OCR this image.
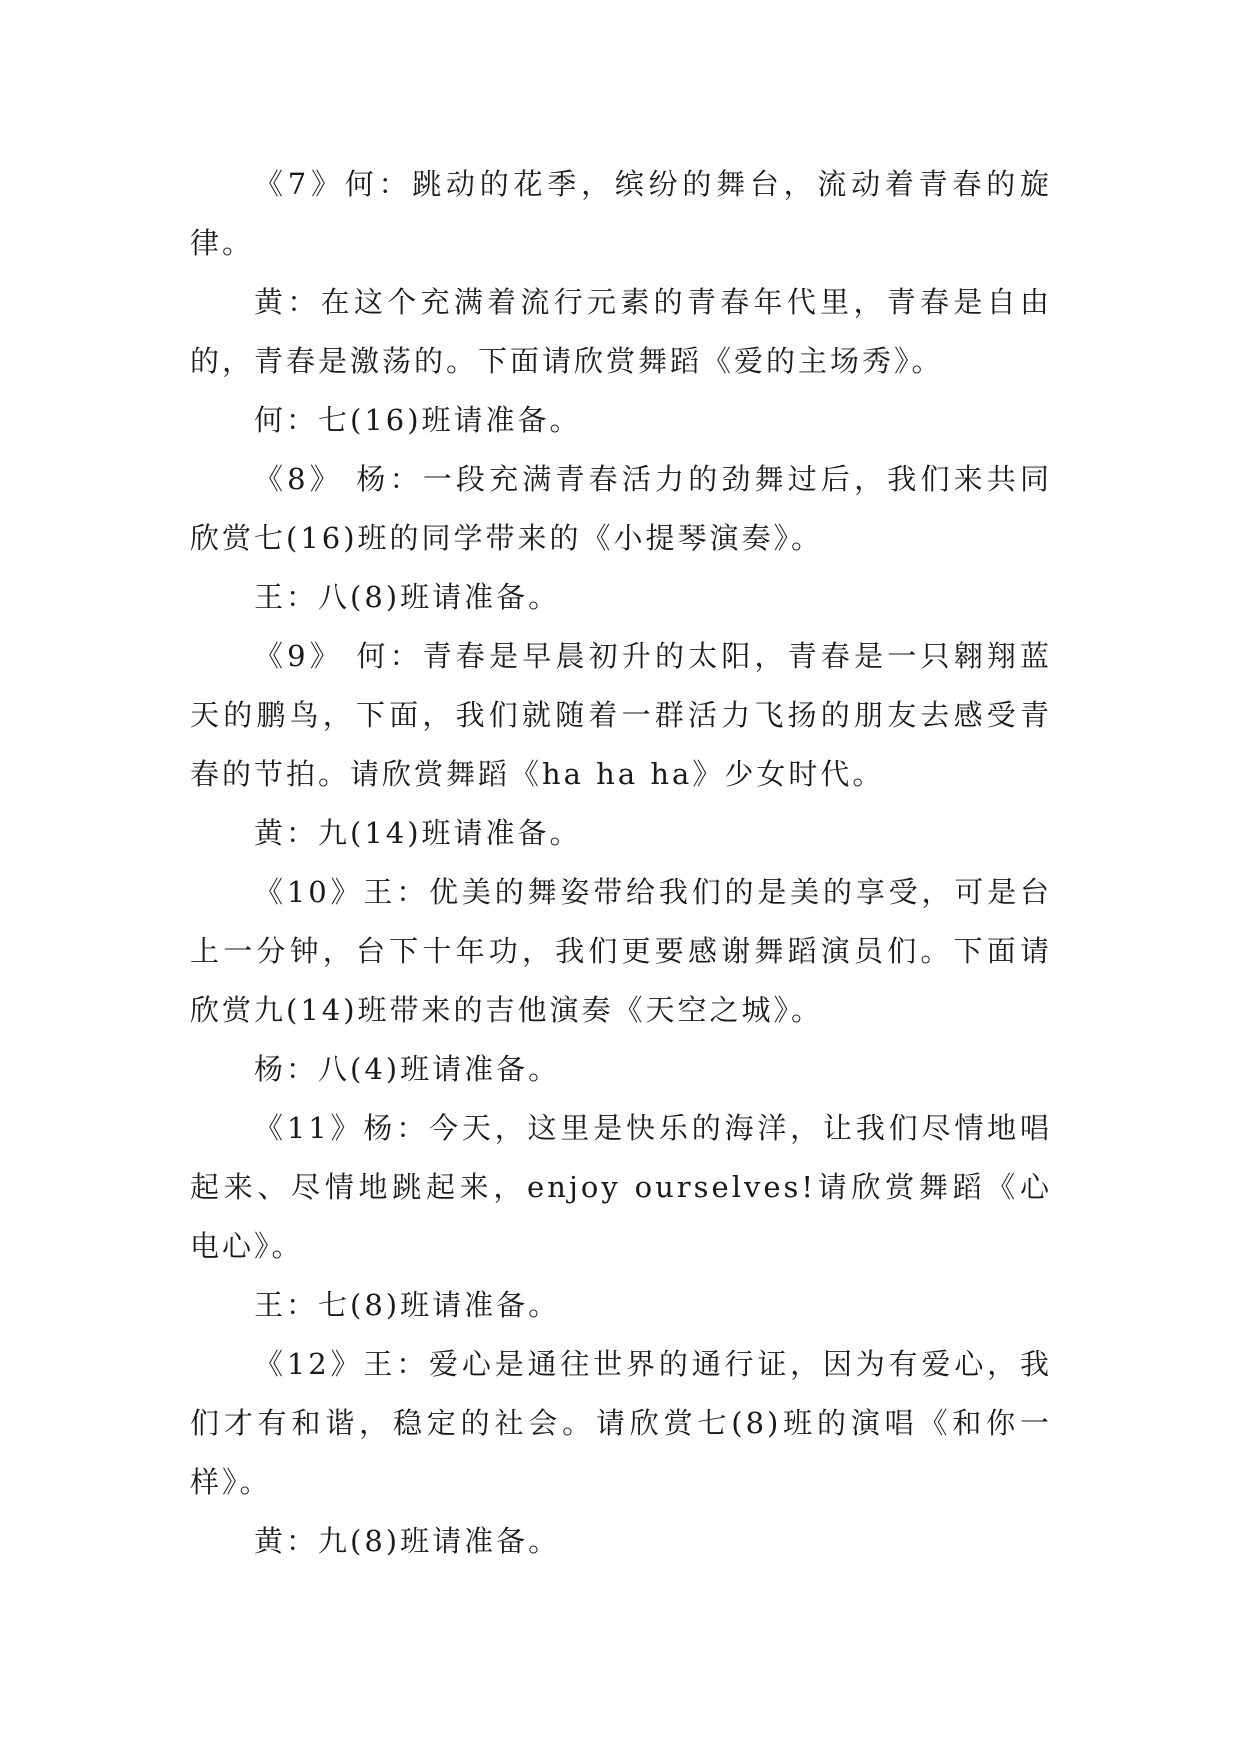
《7》何：跳动的花季，缤纷的舞台，流动着青春的旋律。

黄：在这个充满着流行元素的青春年代里，青春是自由的，青春是激荡的。下面请欣赏舞蹈《爱的主场秀》。

何：七(16)班请准备。

《8》 杨：一段充满青春活力的劲舞过后，我们来共同欣赏七(16)班的同学带来的《小提琴演奏》。

王：八(8)班请准备。

《9》 何：青春是早晨初升的太阳，青春是一只翱翔蓝天的鹏鸟，下面，我们就随着一群活力飞扬的朋友去感受青春的节拍。请欣赏舞蹈《ha ha ha》少女时代。

黄：九(14)班请准备。

《10》王：优美的舞姿带给我们的是美的享受，可是台上一分钟，台下十年功，我们更要感谢舞蹈演员们。下面请欣赏九(14)班带来的吉他演奏《天空之城》。

杨：八(4)班请准备。

《11》杨：今天，这里是快乐的海洋，让我们尽情地唱起来、尽情地跳起来，enjoy ourselves!请欣赏舞蹈《心电心》。

王：七(8)班请准备。

《12》王：爱心是通往世界的通行证，因为有爱心，我们才有和谐，稳定的社会。请欣赏七(8)班的演唱《和你一样》。

黄：九(8)班请准备。
